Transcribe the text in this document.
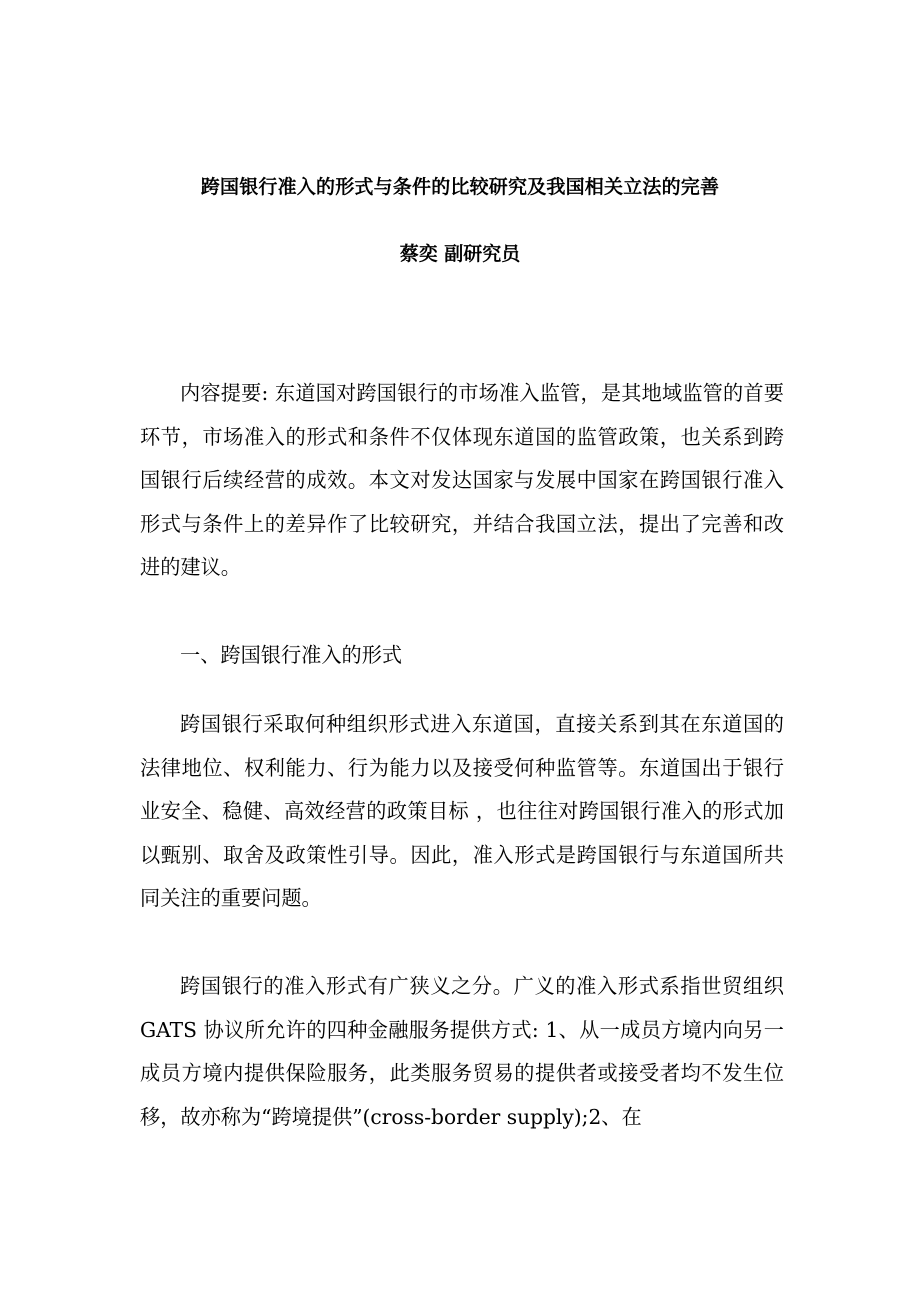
跨国银行准入的形式与条件的比较研究及我国相关立法的完善
蔡奕 副研究员

内容提要: 东道国对跨国银行的市场准入监管，是其地域监管的首要环节，市场准入的形式和条件不仅体现东道国的监管政策，也关系到跨国银行后续经营的成效。本文对发达国家与发展中国家在跨国银行准入形式与条件上的差异作了比较研究，并结合我国立法，提出了完善和改进的建议。

一、跨国银行准入的形式

跨国银行采取何种组织形式进入东道国，直接关系到其在东道国的法律地位、权利能力、行为能力以及接受何种监管等。东道国出于银行业安全、稳健、高效经营的政策目标 ，也往往对跨国银行准入的形式加以甄别、取舍及政策性引导。因此，准入形式是跨国银行与东道国所共同关注的重要问题。

跨国银行的准入形式有广狭义之分。广义的准入形式系指世贸组织 GATS 协议所允许的四种金融服务提供方式: 1、从一成员方境内向另一成员方境内提供保险服务，此类服务贸易的提供者或接受者均不发生位移，故亦称为“跨境提供”(cross-border supply);2、在
